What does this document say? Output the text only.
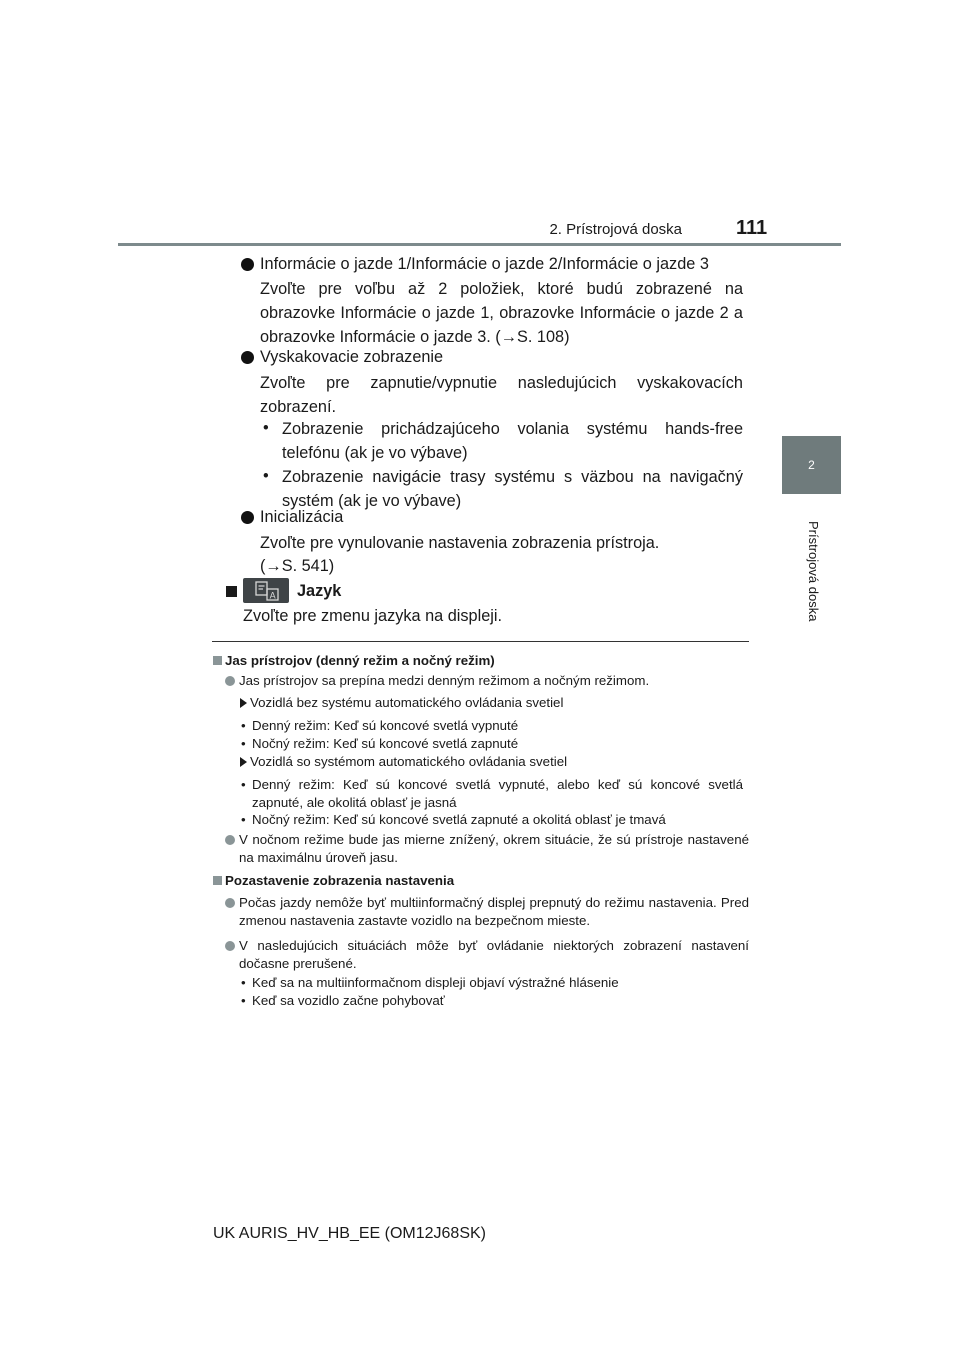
2. Prístrojová doska	111
2
Prístrojová doska
Informácie o jazde 1/Informácie o jazde 2/Informácie o jazde 3
Zvoľte pre voľbu až 2 položiek, ktoré budú zobrazené na obrazovke Informácie o jazde 1, obrazovke Informácie o jazde 2 a obrazovke Informácie o jazde 3. (→S. 108)
Vyskakovacie zobrazenie
Zvoľte pre zapnutie/vypnutie nasledujúcich vyskakovacích zobrazení.
• Zobrazenie prichádzajúceho volania systému hands-free telefónu (ak je vo výbave)
• Zobrazenie navigácie trasy systému s väzbou na navigačný systém (ak je vo výbave)
Inicializácia
Zvoľte pre vynulovanie nastavenia zobrazenia prístroja.
(→S. 541)
A Jazyk
Zvoľte pre zmenu jazyka na displeji.
Jas prístrojov (denný režim a nočný režim)
Jas prístrojov sa prepína medzi denným režimom a nočným režimom.
Vozidlá bez systému automatického ovládania svetiel
• Denný režim: Keď sú koncové svetlá vypnuté
• Nočný režim: Keď sú koncové svetlá zapnuté
Vozidlá so systémom automatického ovládania svetiel
• Denný režim: Keď sú koncové svetlá vypnuté, alebo keď sú koncové svetlá zapnuté, ale okolitá oblasť je jasná
• Nočný režim: Keď sú koncové svetlá zapnuté a okolitá oblasť je tmavá
V nočnom režime bude jas mierne znížený, okrem situácie, že sú prístroje nastavené na maximálnu úroveň jasu.
Pozastavenie zobrazenia nastavenia
Počas jazdy nemôže byť multiinformačný displej prepnutý do režimu nastavenia. Pred zmenou nastavenia zastavte vozidlo na bezpečnom mieste.
V nasledujúcich situáciách môže byť ovládanie niektorých zobrazení nastavení dočasne prerušené.
• Keď sa na multiinformačnom displeji objaví výstražné hlásenie
• Keď sa vozidlo začne pohybovať
UK AURIS_HV_HB_EE (OM12J68SK)
